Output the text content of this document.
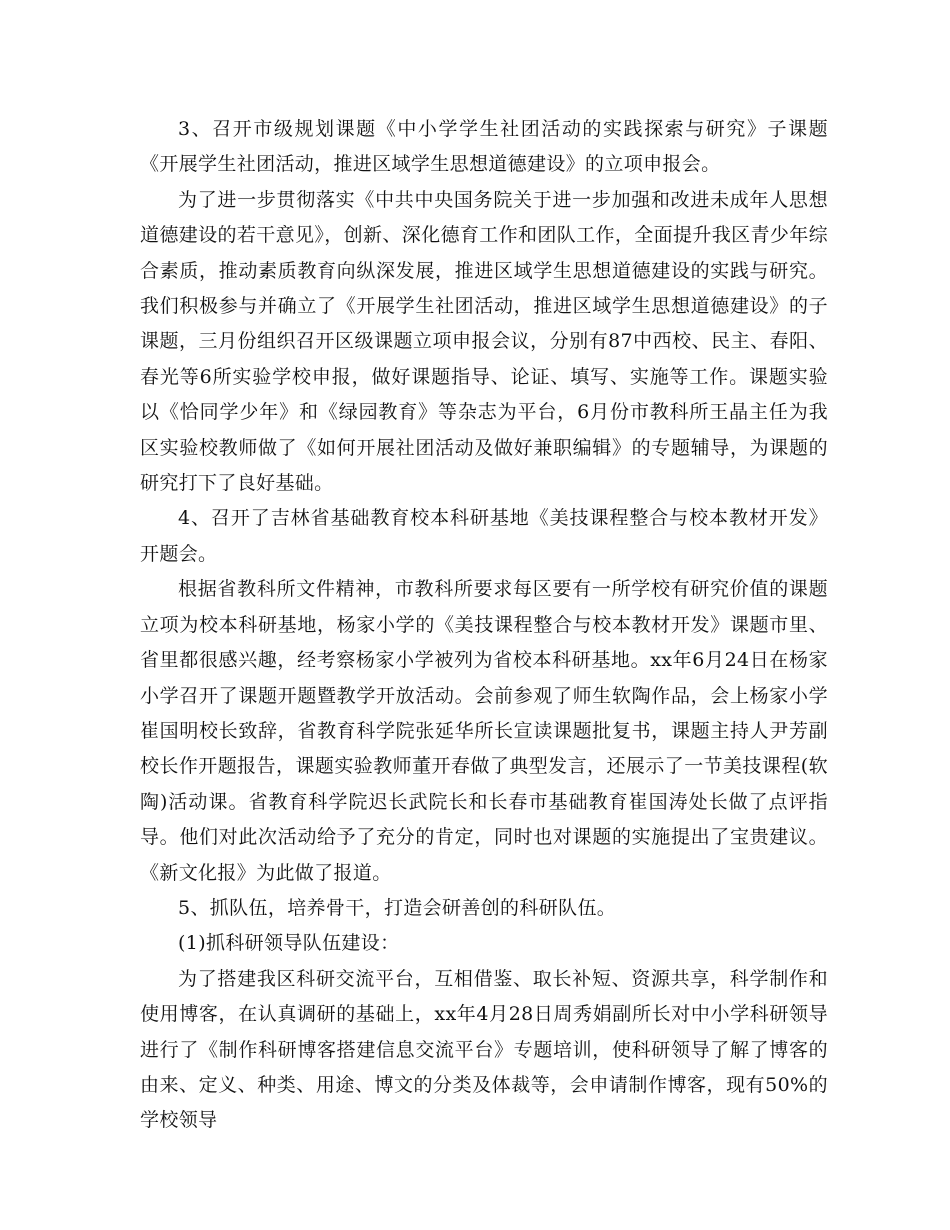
3、召开市级规划课题《中小学学生社团活动的实践探索与研究》子课题《开展学生社团活动，推进区域学生思想道德建设》的立项申报会。

为了进一步贯彻落实《中共中央国务院关于进一步加强和改进未成年人思想道德建设的若干意见》，创新、深化德育工作和团队工作，全面提升我区青少年综合素质，推动素质教育向纵深发展，推进区域学生思想道德建设的实践与研究。我们积极参与并确立了《开展学生社团活动，推进区域学生思想道德建设》的子课题，三月份组织召开区级课题立项申报会议，分别有87中西校、民主、春阳、春光等6所实验学校申报，做好课题指导、论证、填写、实施等工作。课题实验以《恰同学少年》和《绿园教育》等杂志为平台，6月份市教科所王晶主任为我区实验校教师做了《如何开展社团活动及做好兼职编辑》的专题辅导，为课题的研究打下了良好基础。

4、召开了吉林省基础教育校本科研基地《美技课程整合与校本教材开发》开题会。

根据省教科所文件精神，市教科所要求每区要有一所学校有研究价值的课题立项为校本科研基地，杨家小学的《美技课程整合与校本教材开发》课题市里、省里都很感兴趣，经考察杨家小学被列为省校本科研基地。xx年6月24日在杨家小学召开了课题开题暨教学开放活动。会前参观了师生软陶作品，会上杨家小学崔国明校长致辞，省教育科学院张延华所长宣读课题批复书，课题主持人尹芳副校长作开题报告，课题实验教师董开春做了典型发言，还展示了一节美技课程(软陶)活动课。省教育科学院迟长武院长和长春市基础教育崔国涛处长做了点评指导。他们对此次活动给予了充分的肯定，同时也对课题的实施提出了宝贵建议。《新文化报》为此做了报道。

5、抓队伍，培养骨干，打造会研善创的科研队伍。

(1)抓科研领导队伍建设：

为了搭建我区科研交流平台，互相借鉴、取长补短、资源共享，科学制作和使用博客，在认真调研的基础上，xx年4月28日周秀娟副所长对中小学科研领导进行了《制作科研博客搭建信息交流平台》专题培训，使科研领导了解了博客的由来、定义、种类、用途、博文的分类及体裁等，会申请制作博客，现有50%的学校领导
